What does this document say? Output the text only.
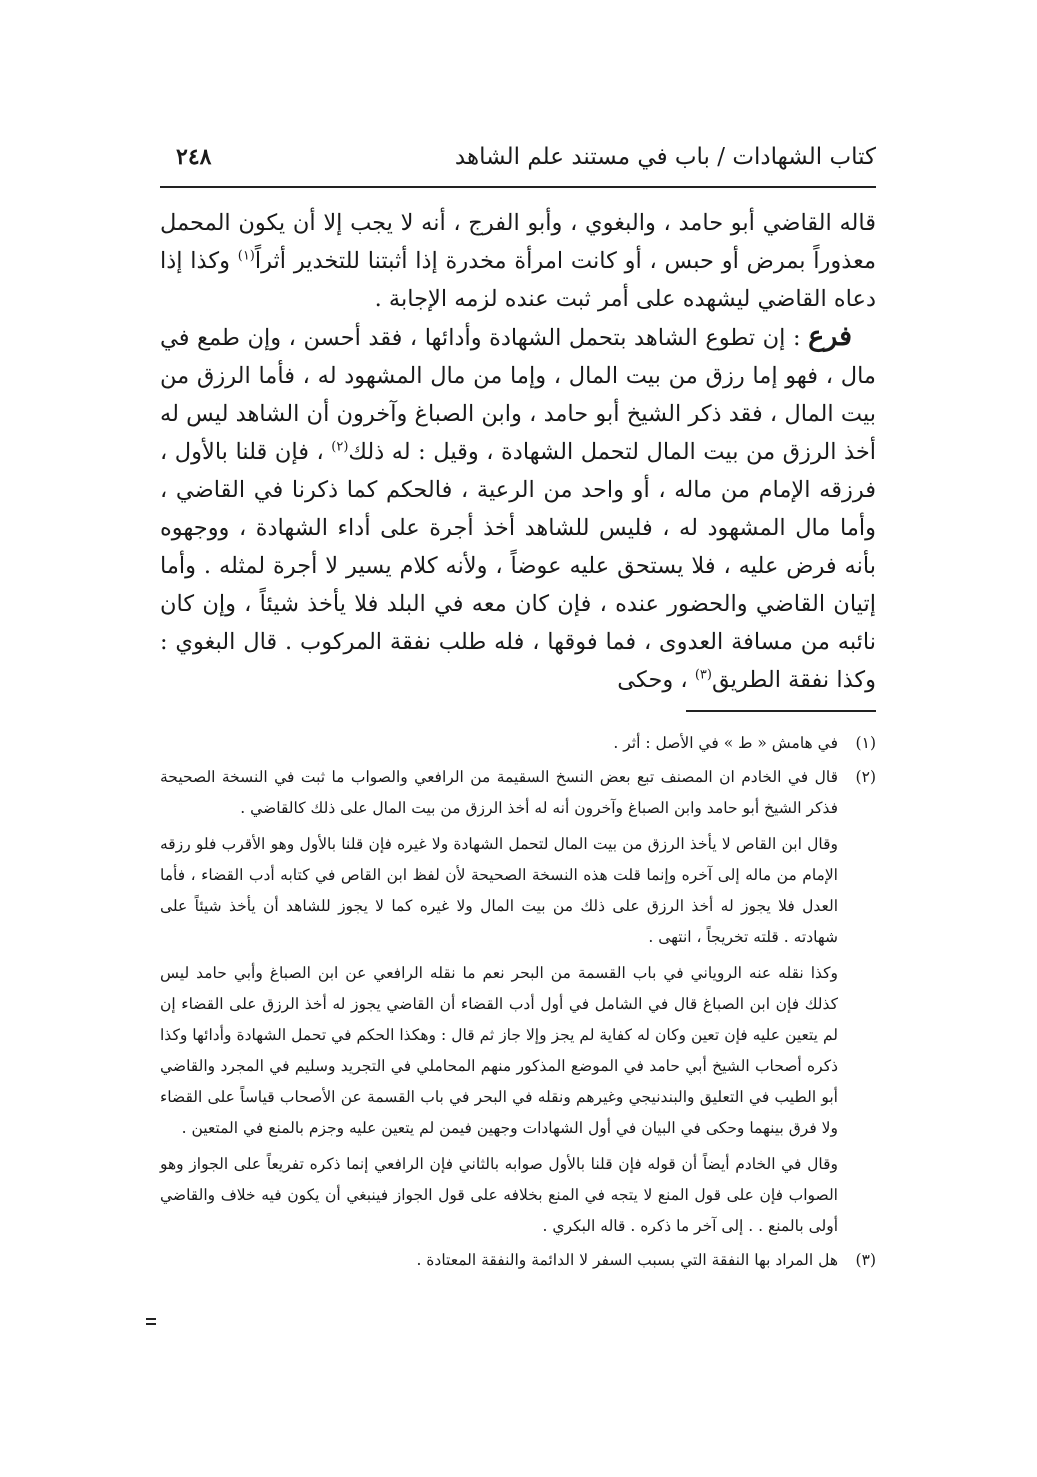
كتاب الشهادات / باب في مستند علم الشاهد
٢٤٨

قاله القاضي أبو حامد ، والبغوي ، وأبو الفرج ، أنه لا يجب إلا أن يكون المحمل معذوراً بمرض أو حبس ، أو كانت امرأة مخدرة إذا أثبتنا للتخدير أثراً$^{(١)}$ وكذا إذا دعاه القاضي ليشهده على أمر ثبت عنده لزمه الإجابة .

فرع : إن تطوع الشاهد بتحمل الشهادة وأدائها ، فقد أحسن ، وإن طمع في مال ، فهو إما رزق من بيت المال ، وإما من مال المشهود له ، فأما الرزق من بيت المال ، فقد ذكر الشيخ أبو حامد ، وابن الصباغ وآخرون أن الشاهد ليس له أخذ الرزق من بيت المال لتحمل الشهادة ، وقيل : له ذلك$^{(٢)}$ ، فإن قلنا بالأول ، فرزقه الإمام من ماله ، أو واحد من الرعية ، فالحكم كما ذكرنا في القاضي ، وأما مال المشهود له ، فليس للشاهد أخذ أجرة على أداء الشهادة ، ووجهوه بأنه فرض عليه ، فلا يستحق عليه عوضاً ، ولأنه كلام يسير لا أجرة لمثله . وأما إتيان القاضي والحضور عنده ، فإن كان معه في البلد فلا يأخذ شيئاً ، وإن كان نائبه من مسافة العدوى ، فما فوقها ، فله طلب نفقة المركوب . قال البغوي : وكذا نفقة الطريق$^{(٣)}$ ، وحكى

(١)

في هامش « ط » في الأصل : أثر .

(٢)

قال في الخادم ان المصنف تبع بعض النسخ السقيمة من الرافعي والصواب ما ثبت في النسخة الصحيحة فذكر الشيخ أبو حامد وابن الصباغ وآخرون أنه له أخذ الرزق من بيت المال على ذلك كالقاضي .

وقال ابن القاص لا يأخذ الرزق من بيت المال لتحمل الشهادة ولا غيره فإن قلنا بالأول وهو الأقرب فلو رزقه الإمام من ماله إلى آخره وإنما قلت هذه النسخة الصحيحة لأن لفظ ابن القاص في كتابه أدب القضاء ، فأما العدل فلا يجوز له أخذ الرزق على ذلك من بيت المال ولا غيره كما لا يجوز للشاهد أن يأخذ شيئاً على شهادته . قلته تخريجاً ، انتهى .

وكذا نقله عنه الروياني في باب القسمة من البحر نعم ما نقله الرافعي عن ابن الصباغ وأبي حامد ليس كذلك فإن ابن الصباغ قال في الشامل في أول أدب القضاء أن القاضي يجوز له أخذ الرزق على القضاء إن لم يتعين عليه فإن تعين وكان له كفاية لم يجز وإلا جاز ثم قال : وهكذا الحكم في تحمل الشهادة وأدائها وكذا ذكره أصحاب الشيخ أبي حامد في الموضع المذكور منهم المحاملي في التجريد وسليم في المجرد والقاضي أبو الطيب في التعليق والبندنيجي وغيرهم ونقله في البحر في باب القسمة عن الأصحاب قياساً على القضاء ولا فرق بينهما وحكى في البيان في أول الشهادات وجهين فيمن لم يتعين عليه وجزم بالمنع في المتعين .

وقال في الخادم أيضاً أن قوله فإن قلنا بالأول صوابه بالثاني فإن الرافعي إنما ذكره تفريعاً على الجواز وهو الصواب فإن على قول المنع لا يتجه في المنع بخلافه على قول الجواز فينبغي أن يكون فيه خلاف والقاضي أولى بالمنع . . إلى آخر ما ذكره . قاله البكري .

(٣)

هل المراد بها النفقة التي بسبب السفر لا الدائمة والنفقة المعتادة .
